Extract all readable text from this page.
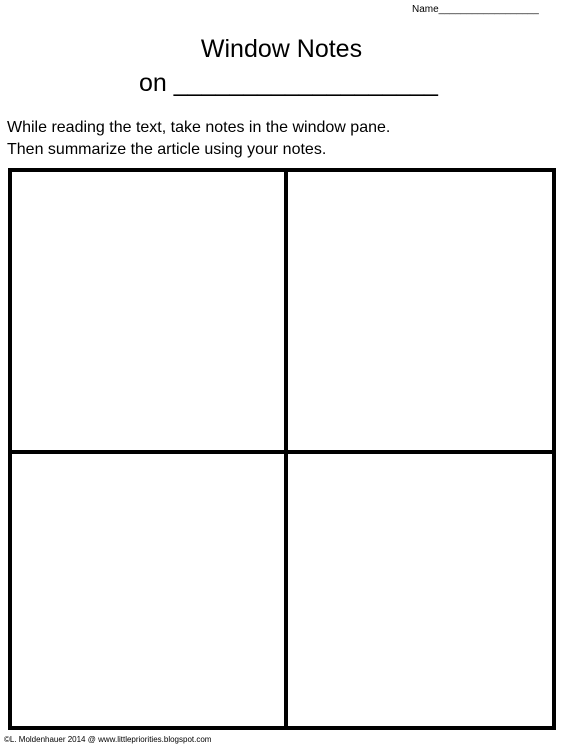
Name__________________
Window Notes
on ___________________
While reading the text, take notes in the window pane.
Then summarize the article using your notes.
©L. Moldenhauer 2014 @ www.littlepriorities.blogspot.com
